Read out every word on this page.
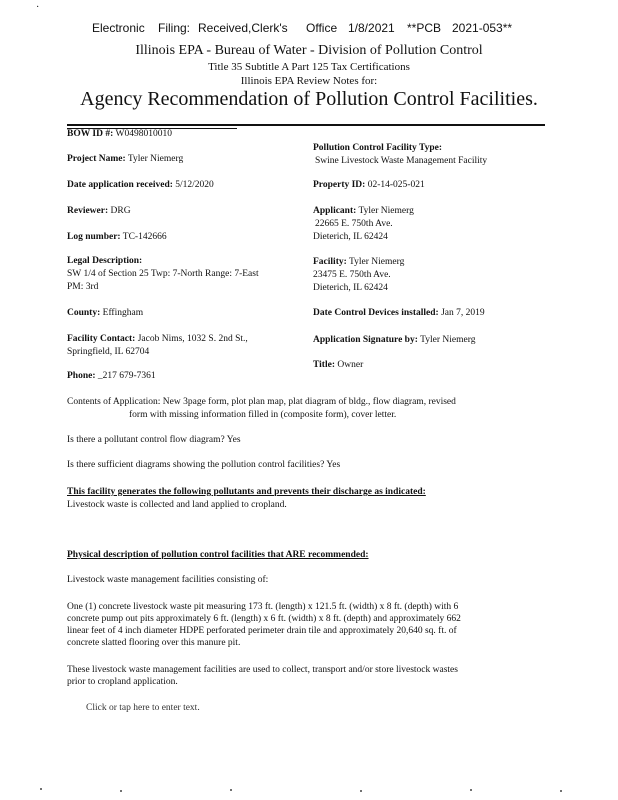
·
Electronic Filing: Received,Clerk's Office 1/8/2021 **PCB 2021-053**
Illinois EPA - Bureau of Water - Division of Pollution Control
Title 35 Subtitle A Part 125 Tax Certifications
Illinois EPA Review Notes for:
Agency Recommendation of Pollution Control Facilities.
BOW ID #: W0498010010
Project Name: Tyler Niemerg
Date application received: 5/12/2020
Reviewer: DRG
Log number: TC-142666
Legal Description:
SW 1/4 of Section 25 Twp: 7-North Range: 7-East
PM: 3rd
County: Effingham
Facility Contact: Jacob Nims, 1032 S. 2nd St.,
Springfield, IL 62704
Phone: _217 679-7361
Pollution Control Facility Type:
Swine Livestock Waste Management Facility
Property ID: 02-14-025-021
Applicant: Tyler Niemerg
22665 E. 750th Ave.
Dieterich, IL 62424
Facility: Tyler Niemerg
23475 E. 750th Ave.
Dieterich, IL 62424
Date Control Devices installed: Jan 7, 2019
Application Signature by: Tyler Niemerg
Title: Owner
Contents of Application: New 3page form, plot plan map, plat diagram of bldg., flow diagram, revised
form with missing information filled in (composite form), cover letter.
Is there a pollutant control flow diagram? Yes
Is there sufficient diagrams showing the pollution control facilities? Yes
This facility generates the following pollutants and prevents their discharge as indicated:
Livestock waste is collected and land applied to cropland.
Physical description of pollution control facilities that ARE recommended:
Livestock waste management facilities consisting of:
One (1) concrete livestock waste pit measuring 173 ft. (length) x 121.5 ft. (width) x 8 ft. (depth) with 6
concrete pump out pits approximately 6 ft. (length) x 6 ft. (width) x 8 ft. (depth) and approximately 662
linear feet of 4 inch diameter HDPE perforated perimeter drain tile and approximately 20,640 sq. ft. of
concrete slatted flooring over this manure pit.
These livestock waste management facilities are used to collect, transport and/or store livestock wastes
prior to cropland application.
Click or tap here to enter text.
